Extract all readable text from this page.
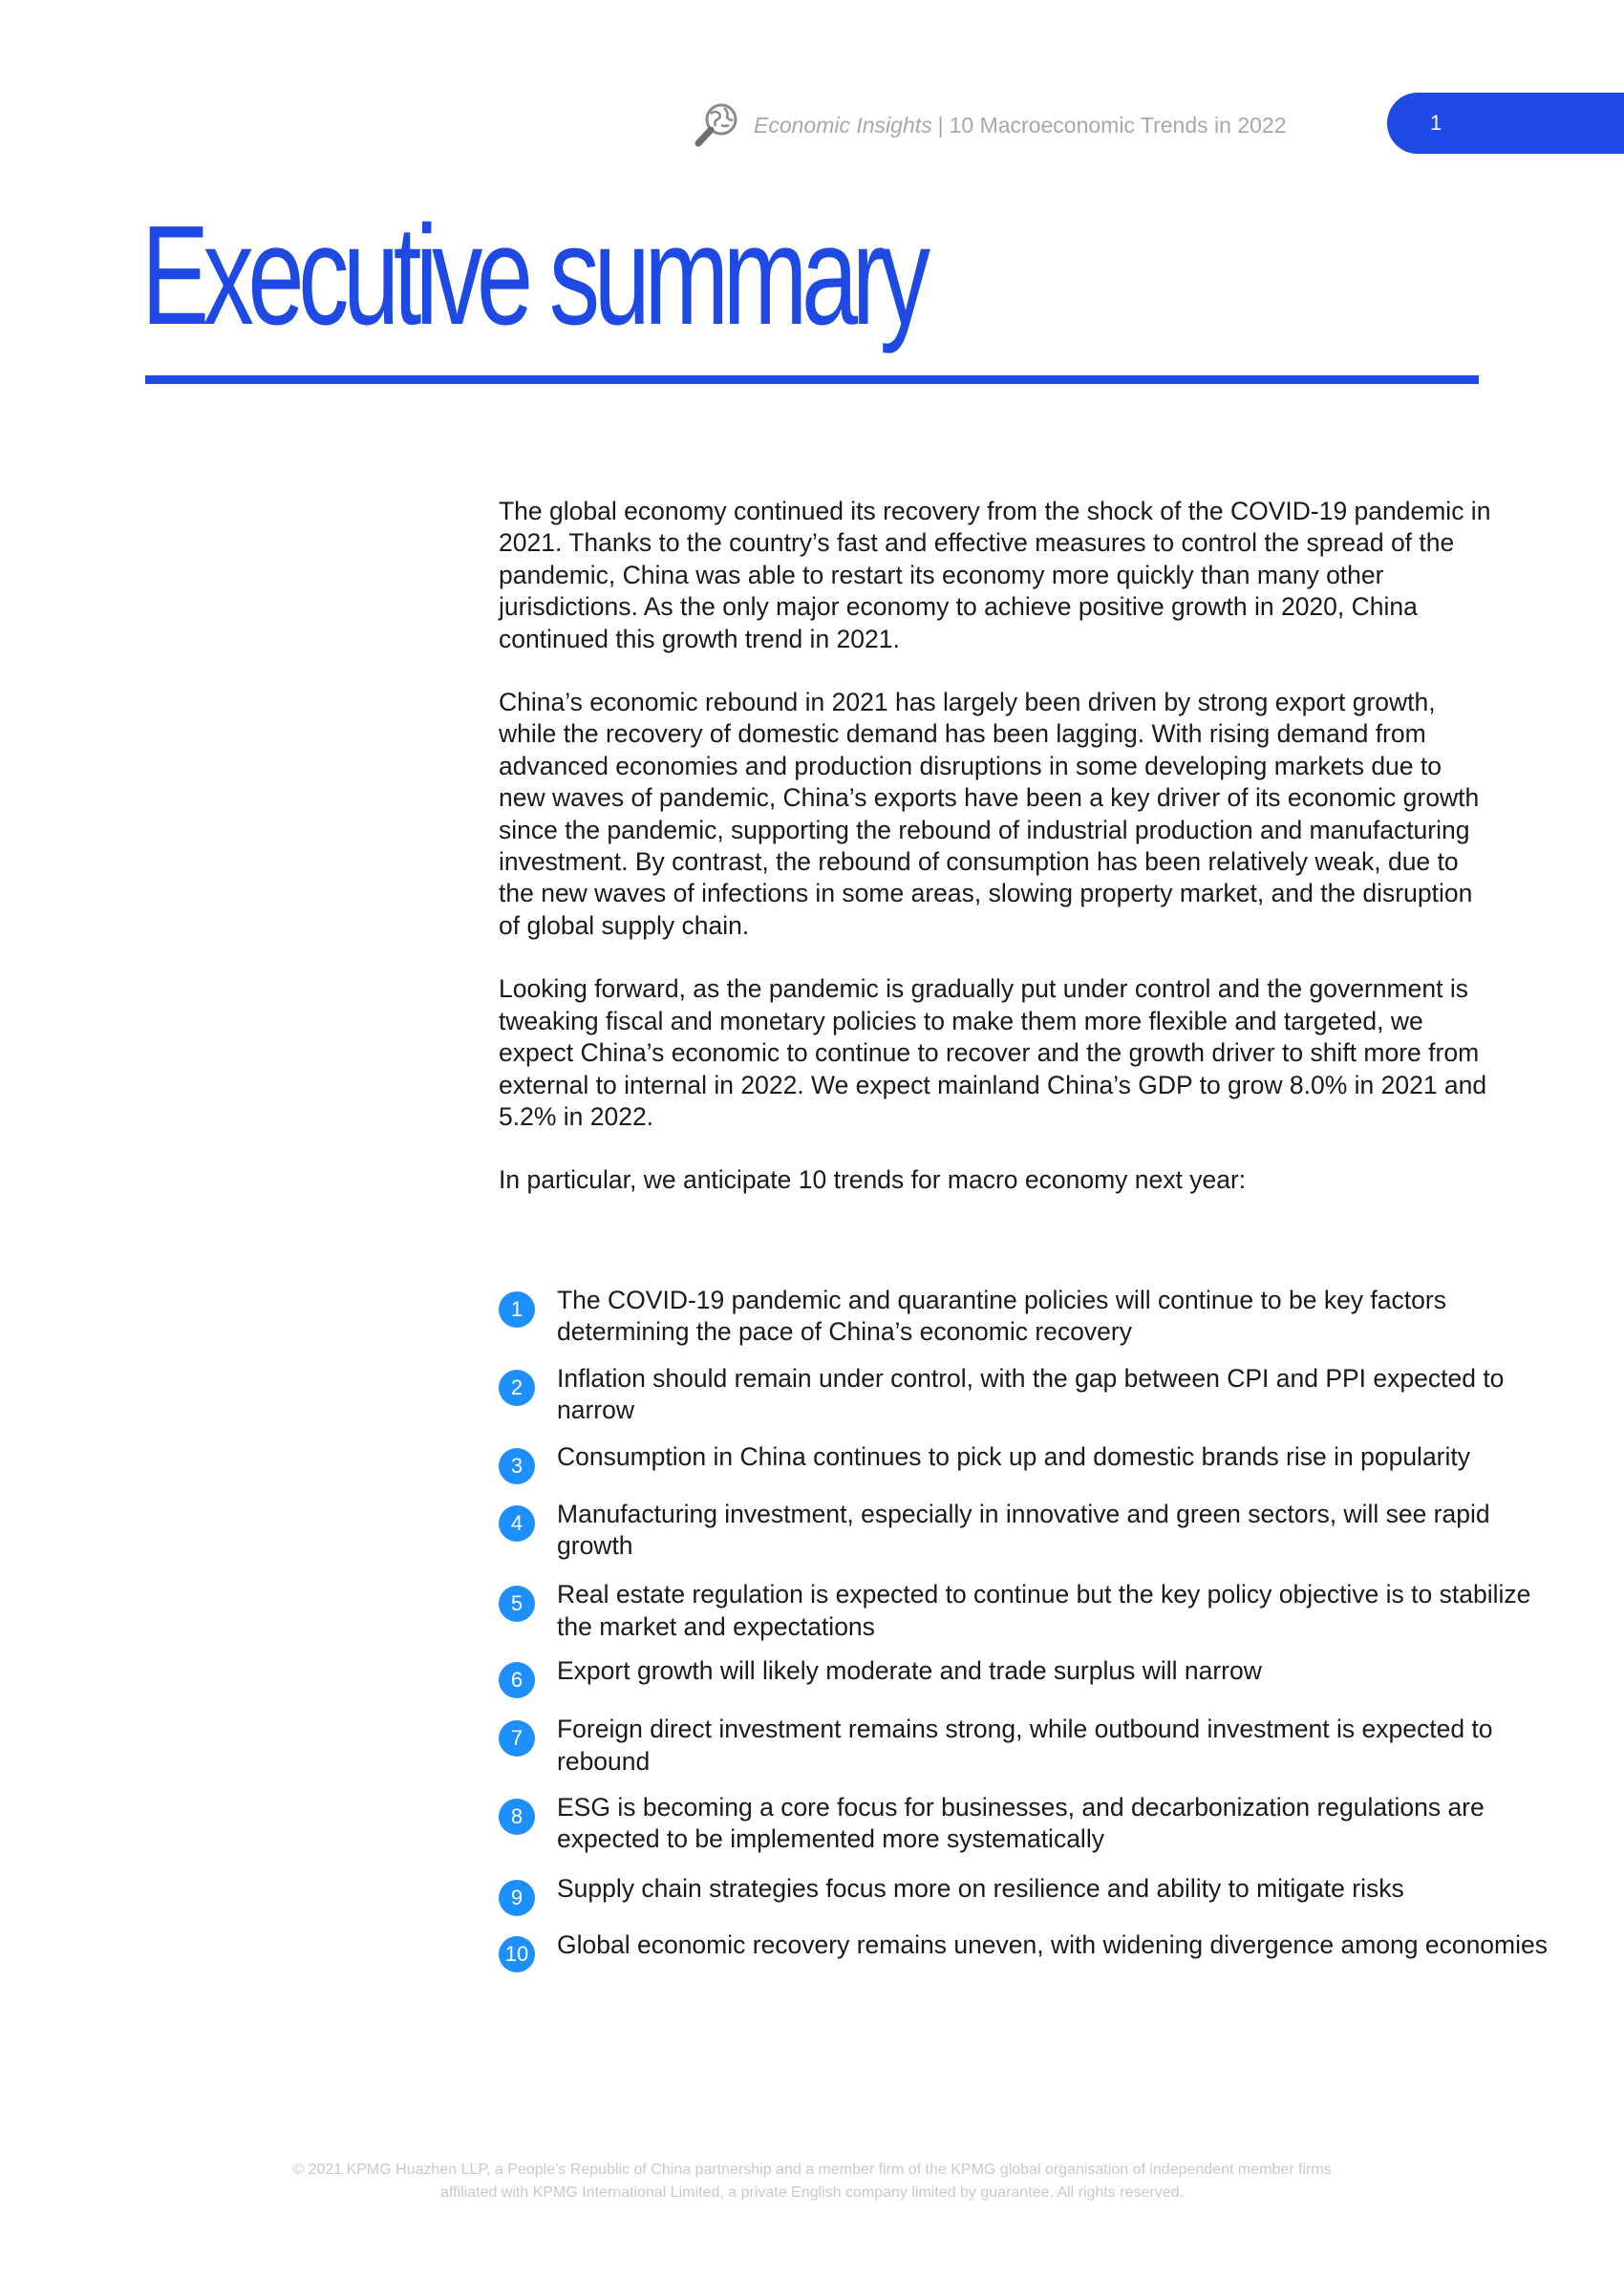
Economic Insights | 10 Macroeconomic Trends in 2022	1
Executive summary

The global economy continued its recovery from the shock of the COVID-19 pandemic in 2021. Thanks to the country’s fast and effective measures to control the spread of the pandemic, China was able to restart its economy more quickly than many other jurisdictions. As the only major economy to achieve positive growth in 2020, China continued this growth trend in 2021.

China’s economic rebound in 2021 has largely been driven by strong export growth, while the recovery of domestic demand has been lagging. With rising demand from advanced economies and production disruptions in some developing markets due to new waves of pandemic, China’s exports have been a key driver of its economic growth since the pandemic, supporting the rebound of industrial production and manufacturing investment. By contrast, the rebound of consumption has been relatively weak, due to the new waves of infections in some areas, slowing property market, and the disruption of global supply chain.

Looking forward, as the pandemic is gradually put under control and the government is tweaking fiscal and monetary policies to make them more flexible and targeted, we expect China’s economic to continue to recover and the growth driver to shift more from external to internal in 2022. We expect mainland China’s GDP to grow 8.0% in 2021 and 5.2% in 2022.

In particular, we anticipate 10 trends for macro economy next year:

1	The COVID-19 pandemic and quarantine policies will continue to be key factors determining the pace of China’s economic recovery
2	Inflation should remain under control, with the gap between CPI and PPI expected to narrow
3	Consumption in China continues to pick up and domestic brands rise in popularity
4	Manufacturing investment, especially in innovative and green sectors, will see rapid growth
5	Real estate regulation is expected to continue but the key policy objective is to stabilize the market and expectations
6	Export growth will likely moderate and trade surplus will narrow
7	Foreign direct investment remains strong, while outbound investment is expected to rebound
8	ESG is becoming a core focus for businesses, and decarbonization regulations are expected to be implemented more systematically
9	Supply chain strategies focus more on resilience and ability to mitigate risks
10 Global economic recovery remains uneven, with widening divergence among economies
© 2021 KPMG Huazhen LLP, a People’s Republic of China partnership and a member firm of the KPMG global organisation of independent member firms
affiliated with KPMG International Limited, a private English company limited by guarantee. All rights reserved.
